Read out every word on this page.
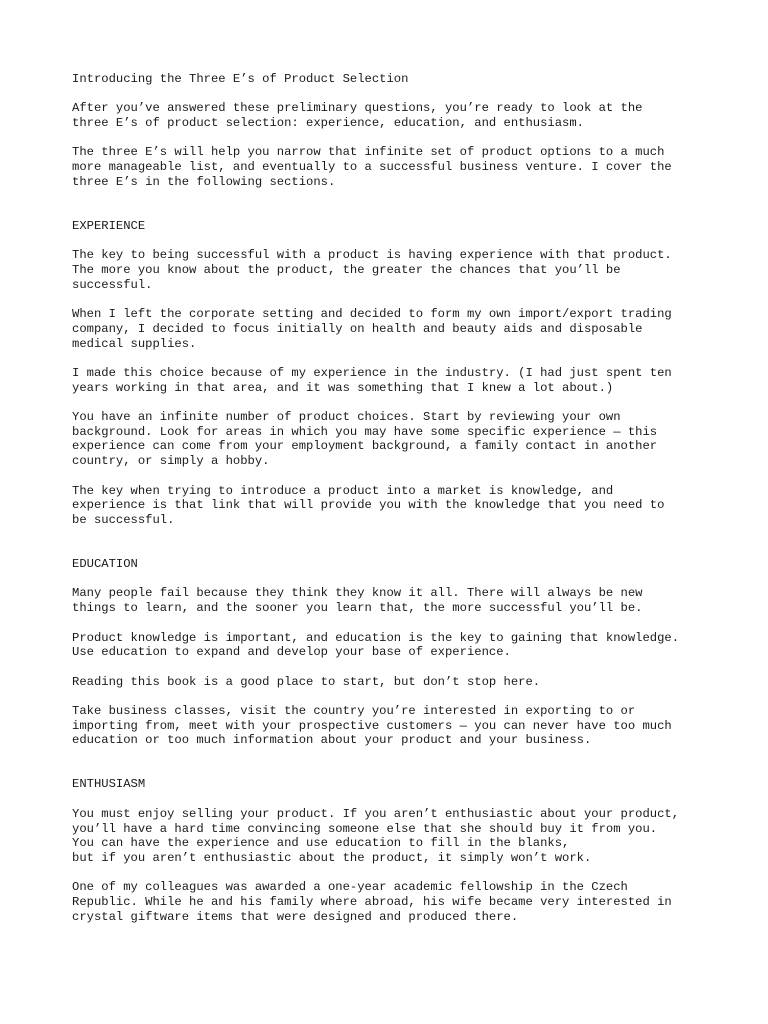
Introducing the Three E’s of Product Selection
After you’ve answered these preliminary questions, you’re ready to look at the
three E’s of product selection: experience, education, and enthusiasm.
The three E’s will help you narrow that infinite set of product options to a much
more manageable list, and eventually to a successful business venture. I cover the
three E’s in the following sections.
EXPERIENCE
The key to being successful with a product is having experience with that product.
The more you know about the product, the greater the chances that you’ll be
successful.
When I left the corporate setting and decided to form my own import/export trading
company, I decided to focus initially on health and beauty aids and disposable
medical supplies.
I made this choice because of my experience in the industry. (I had just spent ten
years working in that area, and it was something that I knew a lot about.)
You have an infinite number of product choices. Start by reviewing your own
background. Look for areas in which you may have some specific experience — this
experience can come from your employment background, a family contact in another
country, or simply a hobby.
The key when trying to introduce a product into a market is knowledge, and
experience is that link that will provide you with the knowledge that you need to
be successful.
EDUCATION
Many people fail because they think they know it all. There will always be new
things to learn, and the sooner you learn that, the more successful you’ll be.
Product knowledge is important, and education is the key to gaining that knowledge.
Use education to expand and develop your base of experience.
Reading this book is a good place to start, but don’t stop here.
Take business classes, visit the country you’re interested in exporting to or
importing from, meet with your prospective customers — you can never have too much
education or too much information about your product and your business.
ENTHUSIASM
You must enjoy selling your product. If you aren’t enthusiastic about your product,
you’ll have a hard time convincing someone else that she should buy it from you.
You can have the experience and use education to fill in the blanks,
but if you aren’t enthusiastic about the product, it simply won’t work.
One of my colleagues was awarded a one-year academic fellowship in the Czech
Republic. While he and his family where abroad, his wife became very interested in
crystal giftware items that were designed and produced there.
